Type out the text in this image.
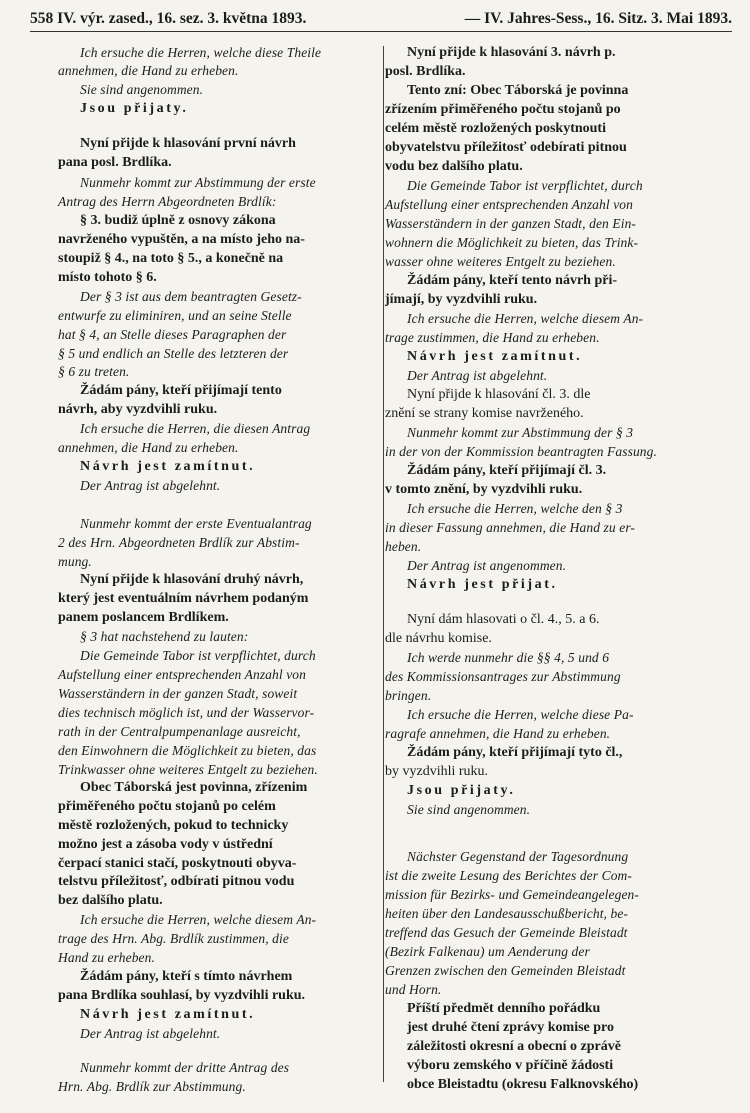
558 IV. výr. zased., 16. sez. 3. května 1893.	— IV. Jahres-Sess., 16. Sitz. 3. Mai 1893.
Ich ersuche die Herren, welche diese Theile
annehmen, die Hand zu erheben.
Sie sind angenommen.
Jsou přijaty.
Nyní přijde k hlasování první návrh
pana posl. Brdlíka.
Nunmehr kommt zur Abstimmung der erste
Antrag des Herrn Abgeordneten Brdlík:
§ 3. budiž úplně z osnovy zákona
navrženého vypuštěn, a na místo jeho na-
stoupiž § 4., na toto § 5., a konečně na
místo tohoto § 6.
Der § 3 ist aus dem beantragten Gesetz-
entwurfe zu eliminiren, und an seine Stelle
hat § 4, an Stelle dieses Paragraphen der
§ 5 und endlich an Stelle des letzteren der
§ 6 zu treten.
Žádám pány, kteří přijímají tento
návrh, aby vyzdvihli ruku.
Ich ersuche die Herren, die diesen Antrag
annehmen, die Hand zu erheben.
Návrh jest zamítnut.
Der Antrag ist abgelehnt.
Nunmehr kommt der erste Eventualantrag
2 des Hrn. Abgeordneten Brdlík zur Abstim-
mung.
Nyní přijde k hlasování druhý návrh,
který jest eventuálním návrhem podaným
panem poslancem Brdlíkem.
§ 3 hat nachstehend zu lauten:
Die Gemeinde Tabor ist verpflichtet, durch
Aufstellung einer entsprechenden Anzahl von
Wasserständern in der ganzen Stadt, soweit
dies technisch möglich ist, und der Wasservor-
rath in der Centralpumpenanlage ausreicht,
den Einwohnern die Möglichkeit zu bieten, das
Trinkwasser ohne weiteres Entgelt zu beziehen.
Obec Táborská jest povinna, zřízenim
přiměřeného počtu stojanů po celém
městě rozložených, pokud to technicky
možno jest a zásoba vody v ústřední
čerpací stanici stačí, poskytnouti obyva-
telstvu příležitosť, odbírati pitnou vodu
bez dalšího platu.
Ich ersuche die Herren, welche diesem An-
trage des Hrn. Abg. Brdlík zustimmen, die
Hand zu erheben.
Žádám pány, kteří s tímto návrhem
pana Brdlíka souhlasí, by vyzdvihli ruku.
Návrh jest zamítnut.
Der Antrag ist abgelehnt.
Nunmehr kommt der dritte Antrag des
Hrn. Abg. Brdlík zur Abstimmung.
Nyní přijde k hlasování 3. návrh p.
posl. Brdlíka.
Tento zní: Obec Táborská je povinna
zřízením přiměřeného počtu stojanů po
celém městě rozložených poskytnouti
obyvatelstvu příležitosť odebírati pitnou
vodu bez dalšího platu.
Die Gemeinde Tabor ist verpflichtet, durch
Aufstellung einer entsprechenden Anzahl von
Wasserständern in der ganzen Stadt, den Ein-
wohnern die Möglichkeit zu bieten, das Trink-
wasser ohne weiteres Entgelt zu beziehen.
Žádám pány, kteří tento návrh při-
jímají, by vyzdvihli ruku.
Ich ersuche die Herren, welche diesem An-
trage zustimmen, die Hand zu erheben.
Návrh jest zamítnut.
Der Antrag ist abgelehnt.
Nyní přijde k hlasování čl. 3. dle
znění se strany komise navrženého.
Nunmehr kommt zur Abstimmung der § 3
in der von der Kommission beantragten Fassung.
Žádám pány, kteří přijímají čl. 3.
v tomto znění, by vyzdvihli ruku.
Ich ersuche die Herren, welche den § 3
in dieser Fassung annehmen, die Hand zu er-
heben.
Der Antrag ist angenommen.
Návrh jest přijat.
Nyní dám hlasovati o čl. 4., 5. a 6.
dle návrhu komise.
Ich werde nunmehr die §§ 4, 5 und 6
des Kommissionsantrages zur Abstimmung
bringen.
Ich ersuche die Herren, welche diese Pa-
ragrafe annehmen, die Hand zu erheben.
Žádám pány, kteří přijímají tyto čl.,
by vyzdvihli ruku.
Jsou přijaty.
Sie sind angenommen.
Nächster Gegenstand der Tagesordnung
ist die zweite Lesung des Berichtes der Com-
mission für Bezirks- und Gemeindeangelegen-
heiten über den Landesausschußbericht, be-
treffend das Gesuch der Gemeinde Bleistadt
(Bezirk Falkenau) um Aenderung der
Grenzen zwischen den Gemeinden Bleistadt
und Horn.
Příští předmět denního pořádku
jest druhé čtení zprávy komise pro
záležitosti okresní a obecní o zprávě
výboru zemského v příčině žádosti
obce Bleistadtu (okresu Falknovského)
